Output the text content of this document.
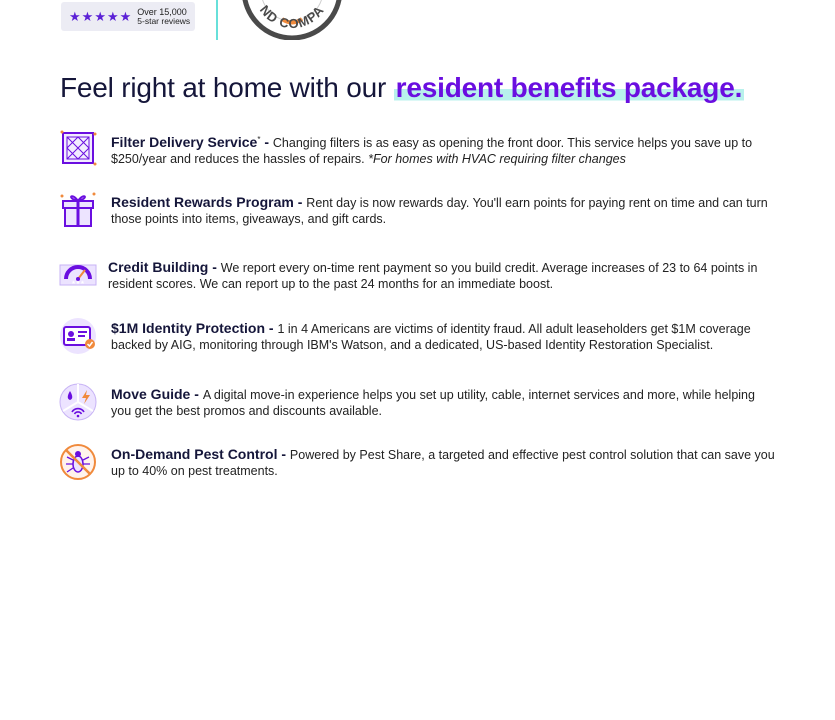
★ ★ ★ ★ ★ Over 15,000
5-star reviews
ND COMPA
Feel right at home with our resident benefits package.
Filter Delivery Service* - Changing filters is as easy as opening the front door. This service helps you save up to $250/year and reduces the hassles of repairs. *For homes with HVAC requiring filter changes
Resident Rewards Program - Rent day is now rewards day. You'll earn points for paying rent on time and can turn those points into items, giveaways, and gift cards.
★★★
Credit Building - We report every on-time rent payment so you build credit. Average increases of 23 to 64 points in resident scores. We can report up to the past 24 months for an immediate boost.
$1M Identity Protection - 1 in 4 Americans are victims of identity fraud. All adult leaseholders get $1M coverage backed by AIG, monitoring through IBM's Watson, and a dedicated, US-based Identity Restoration Specialist.
Move Guide - A digital move-in experience helps you set up utility, cable, internet services and more, while helping you get the best promos and discounts available.
On-Demand Pest Control - Powered by Pest Share, a targeted and effective pest control solution that can save you up to 40% on pest treatments.
